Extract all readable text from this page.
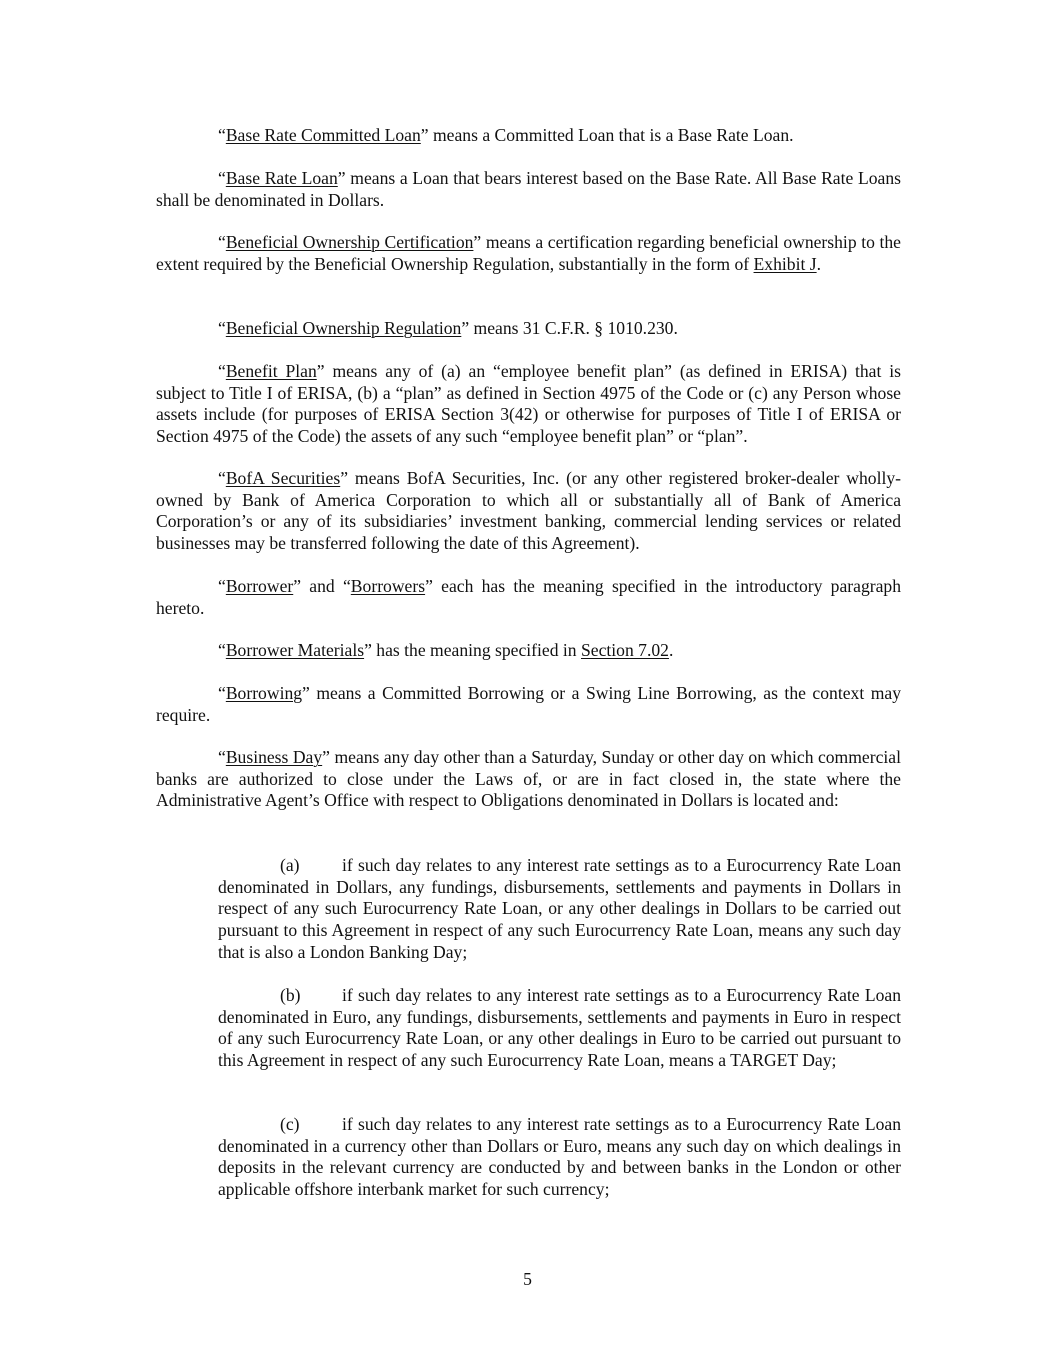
“Base Rate Committed Loan” means a Committed Loan that is a Base Rate Loan.

“Base Rate Loan” means a Loan that bears interest based on the Base Rate. All Base Rate Loans shall be denominated in Dollars.

“Beneficial Ownership Certification” means a certification regarding beneficial ownership to the extent required by the Beneficial Ownership Regulation, substantially in the form of Exhibit J.

“Beneficial Ownership Regulation” means 31 C.F.R. § 1010.230.

“Benefit Plan” means any of (a) an “employee benefit plan” (as defined in ERISA) that is subject to Title I of ERISA, (b) a “plan” as defined in Section 4975 of the Code or (c) any Person whose assets include (for purposes of ERISA Section 3(42) or otherwise for purposes of Title I of ERISA or Section 4975 of the Code) the assets of any such “employee benefit plan” or “plan”.

“BofA Securities” means BofA Securities, Inc. (or any other registered broker-dealer wholly-owned by Bank of America Corporation to which all or substantially all of Bank of America Corporation’s or any of its subsidiaries’ investment banking, commercial lending services or related businesses may be transferred following the date of this Agreement).

“Borrower” and “Borrowers” each has the meaning specified in the introductory paragraph hereto.

“Borrower Materials” has the meaning specified in Section 7.02.

“Borrowing” means a Committed Borrowing or a Swing Line Borrowing, as the context may require.

“Business Day” means any day other than a Saturday, Sunday or other day on which commercial banks are authorized to close under the Laws of, or are in fact closed in, the state where the Administrative Agent’s Office with respect to Obligations denominated in Dollars is located and:

(a) if such day relates to any interest rate settings as to a Eurocurrency Rate Loan denominated in Dollars, any fundings, disbursements, settlements and payments in Dollars in respect of any such Eurocurrency Rate Loan, or any other dealings in Dollars to be carried out pursuant to this Agreement in respect of any such Eurocurrency Rate Loan, means any such day that is also a London Banking Day;

(b) if such day relates to any interest rate settings as to a Eurocurrency Rate Loan denominated in Euro, any fundings, disbursements, settlements and payments in Euro in respect of any such Eurocurrency Rate Loan, or any other dealings in Euro to be carried out pursuant to this Agreement in respect of any such Eurocurrency Rate Loan, means a TARGET Day;

(c) if such day relates to any interest rate settings as to a Eurocurrency Rate Loan denominated in a currency other than Dollars or Euro, means any such day on which dealings in deposits in the relevant currency are conducted by and between banks in the London or other applicable offshore interbank market for such currency;

5
